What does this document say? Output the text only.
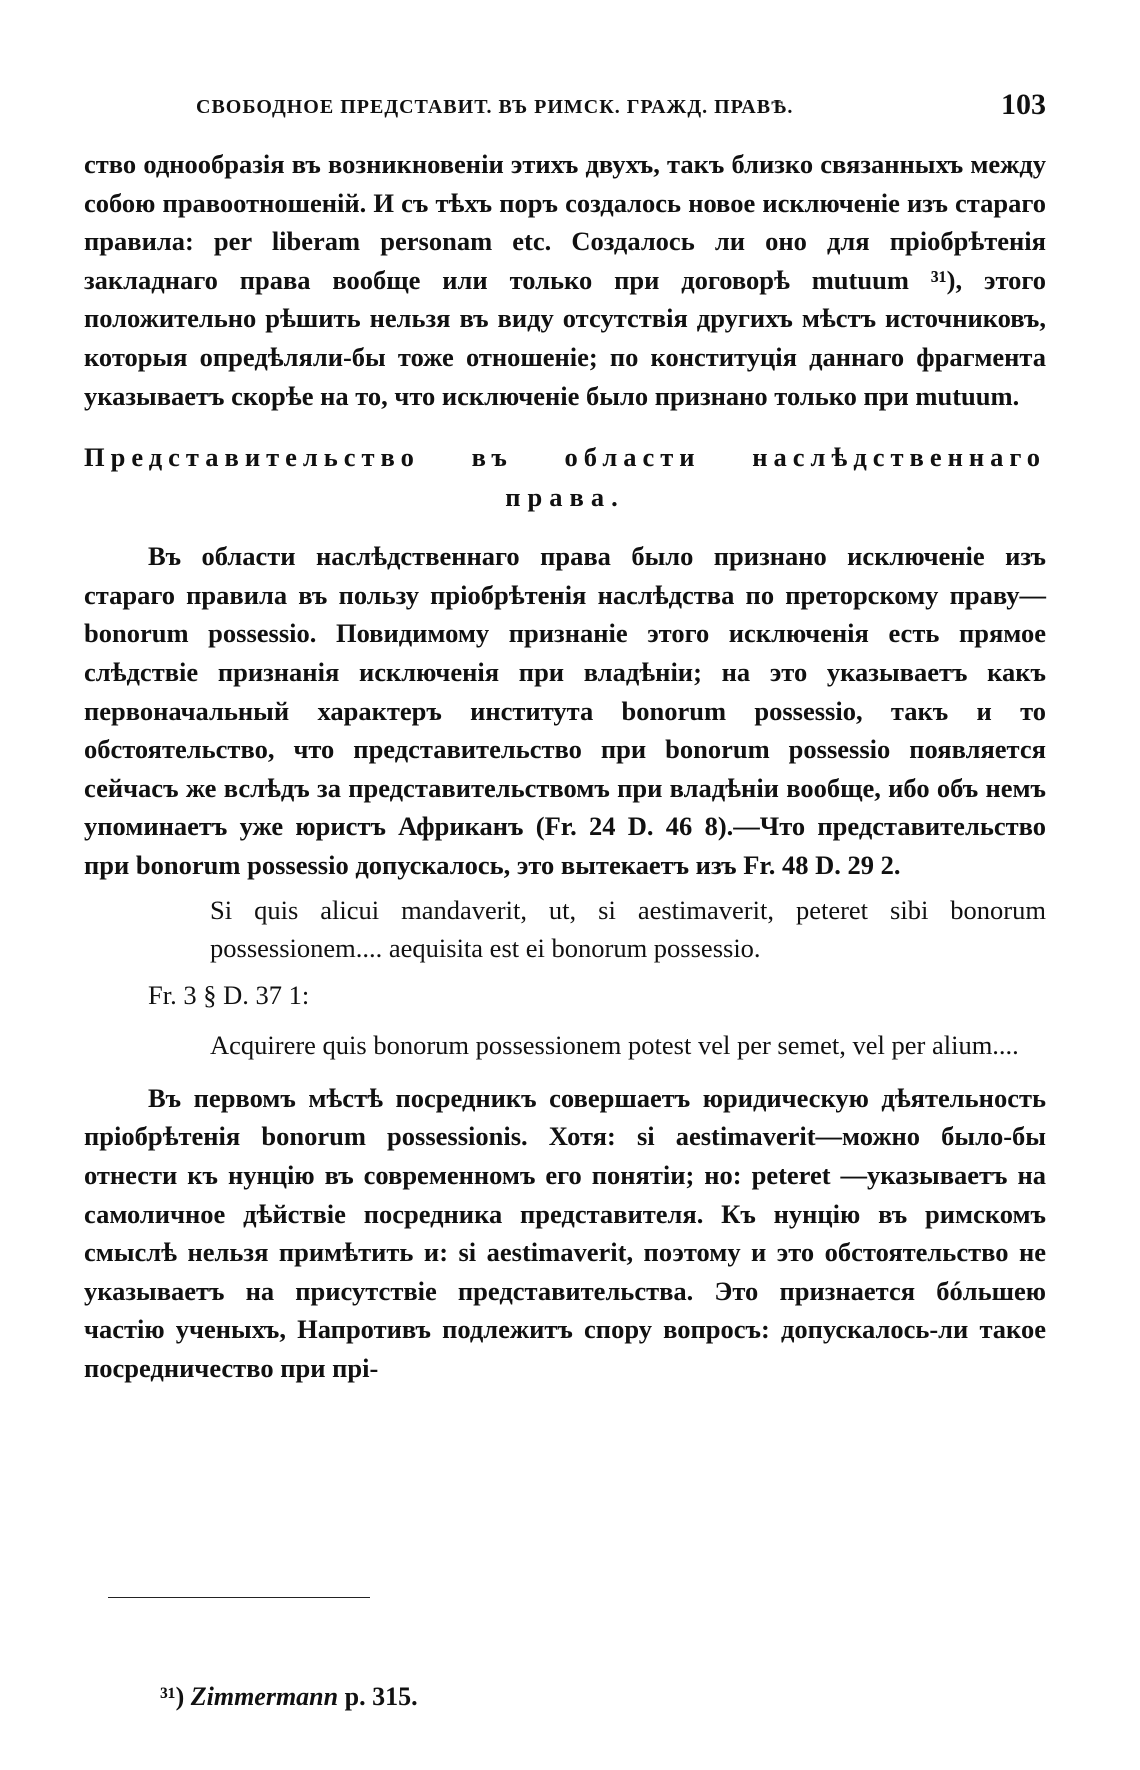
СВОБОДНОЕ ПРЕДСТАВИТ. ВЪ РИМСК. ГРАЖД. ПРАВѢ.	103

ство однообразія въ возникновеніи этихъ двухъ, такъ близко связанныхъ между собою правоотношеній. И съ тѣхъ поръ создалось новое исключеніе изъ стараго правила: per liberam personam etc. Создалось ли оно для пріобрѣтенія закладнаго права вообще или только при договорѣ mutuum ³¹), этого положительно рѣшить нельзя въ виду отсутствія другихъ мѣстъ источниковъ, которыя опредѣляли-бы тоже отношеніе; по конституція даннаго фрагмента указываетъ скорѣе на то, что исключеніе было признано только при mutuum.

Представительство въ области наслѣдственнаго
права.

Въ области наслѣдственнаго права было признано исключеніе изъ стараго правила въ пользу пріобрѣтенія наслѣдства по преторскому праву—bonorum possessio. Повидимому признаніе этого исключенія есть прямое слѣдствіе признанія исключенія при владѣніи; на это указываетъ какъ первоначальный характеръ института bonorum possessio, такъ и то обстоятельство, что представительство при bonorum possessio появляется сейчасъ же вслѣдъ за представительствомъ при владѣніи вообще, ибо объ немъ упоминаетъ уже юристъ Африканъ (Fr. 24 D. 46 8).—Что представительство при bonorum possessio допускалось, это вытекаетъ изъ Fr. 48 D. 29 2.

Si quis alicui mandaverit, ut, si aestimaverit, peteret sibi bonorum possessionem.... aequisita est ei bonorum possessio.

Fr. 3 § D. 37 1:

Acquirere quis bonorum possessionem potest vel per semet, vel per alium....

Въ первомъ мѣстѣ посредникъ совершаетъ юридическую дѣятельность пріобрѣтенія bonorum possessionis. Хотя: si aestimaverit—можно было-бы отнести къ нунцію въ современномъ его понятіи; но: peteret —указываетъ на самоличное дѣйствіе посредника представителя. Къ нунцію въ римскомъ смыслѣ нельзя примѣтить и: si aestimaverit, поэтому и это обстоятельство не указываетъ на присутствіе представительства. Это признается бóльшею частію ученыхъ, Напротивъ подлежитъ спору вопросъ: допускалось-ли такое посредничество при прі-

³¹) Zimmermann p. 315.
